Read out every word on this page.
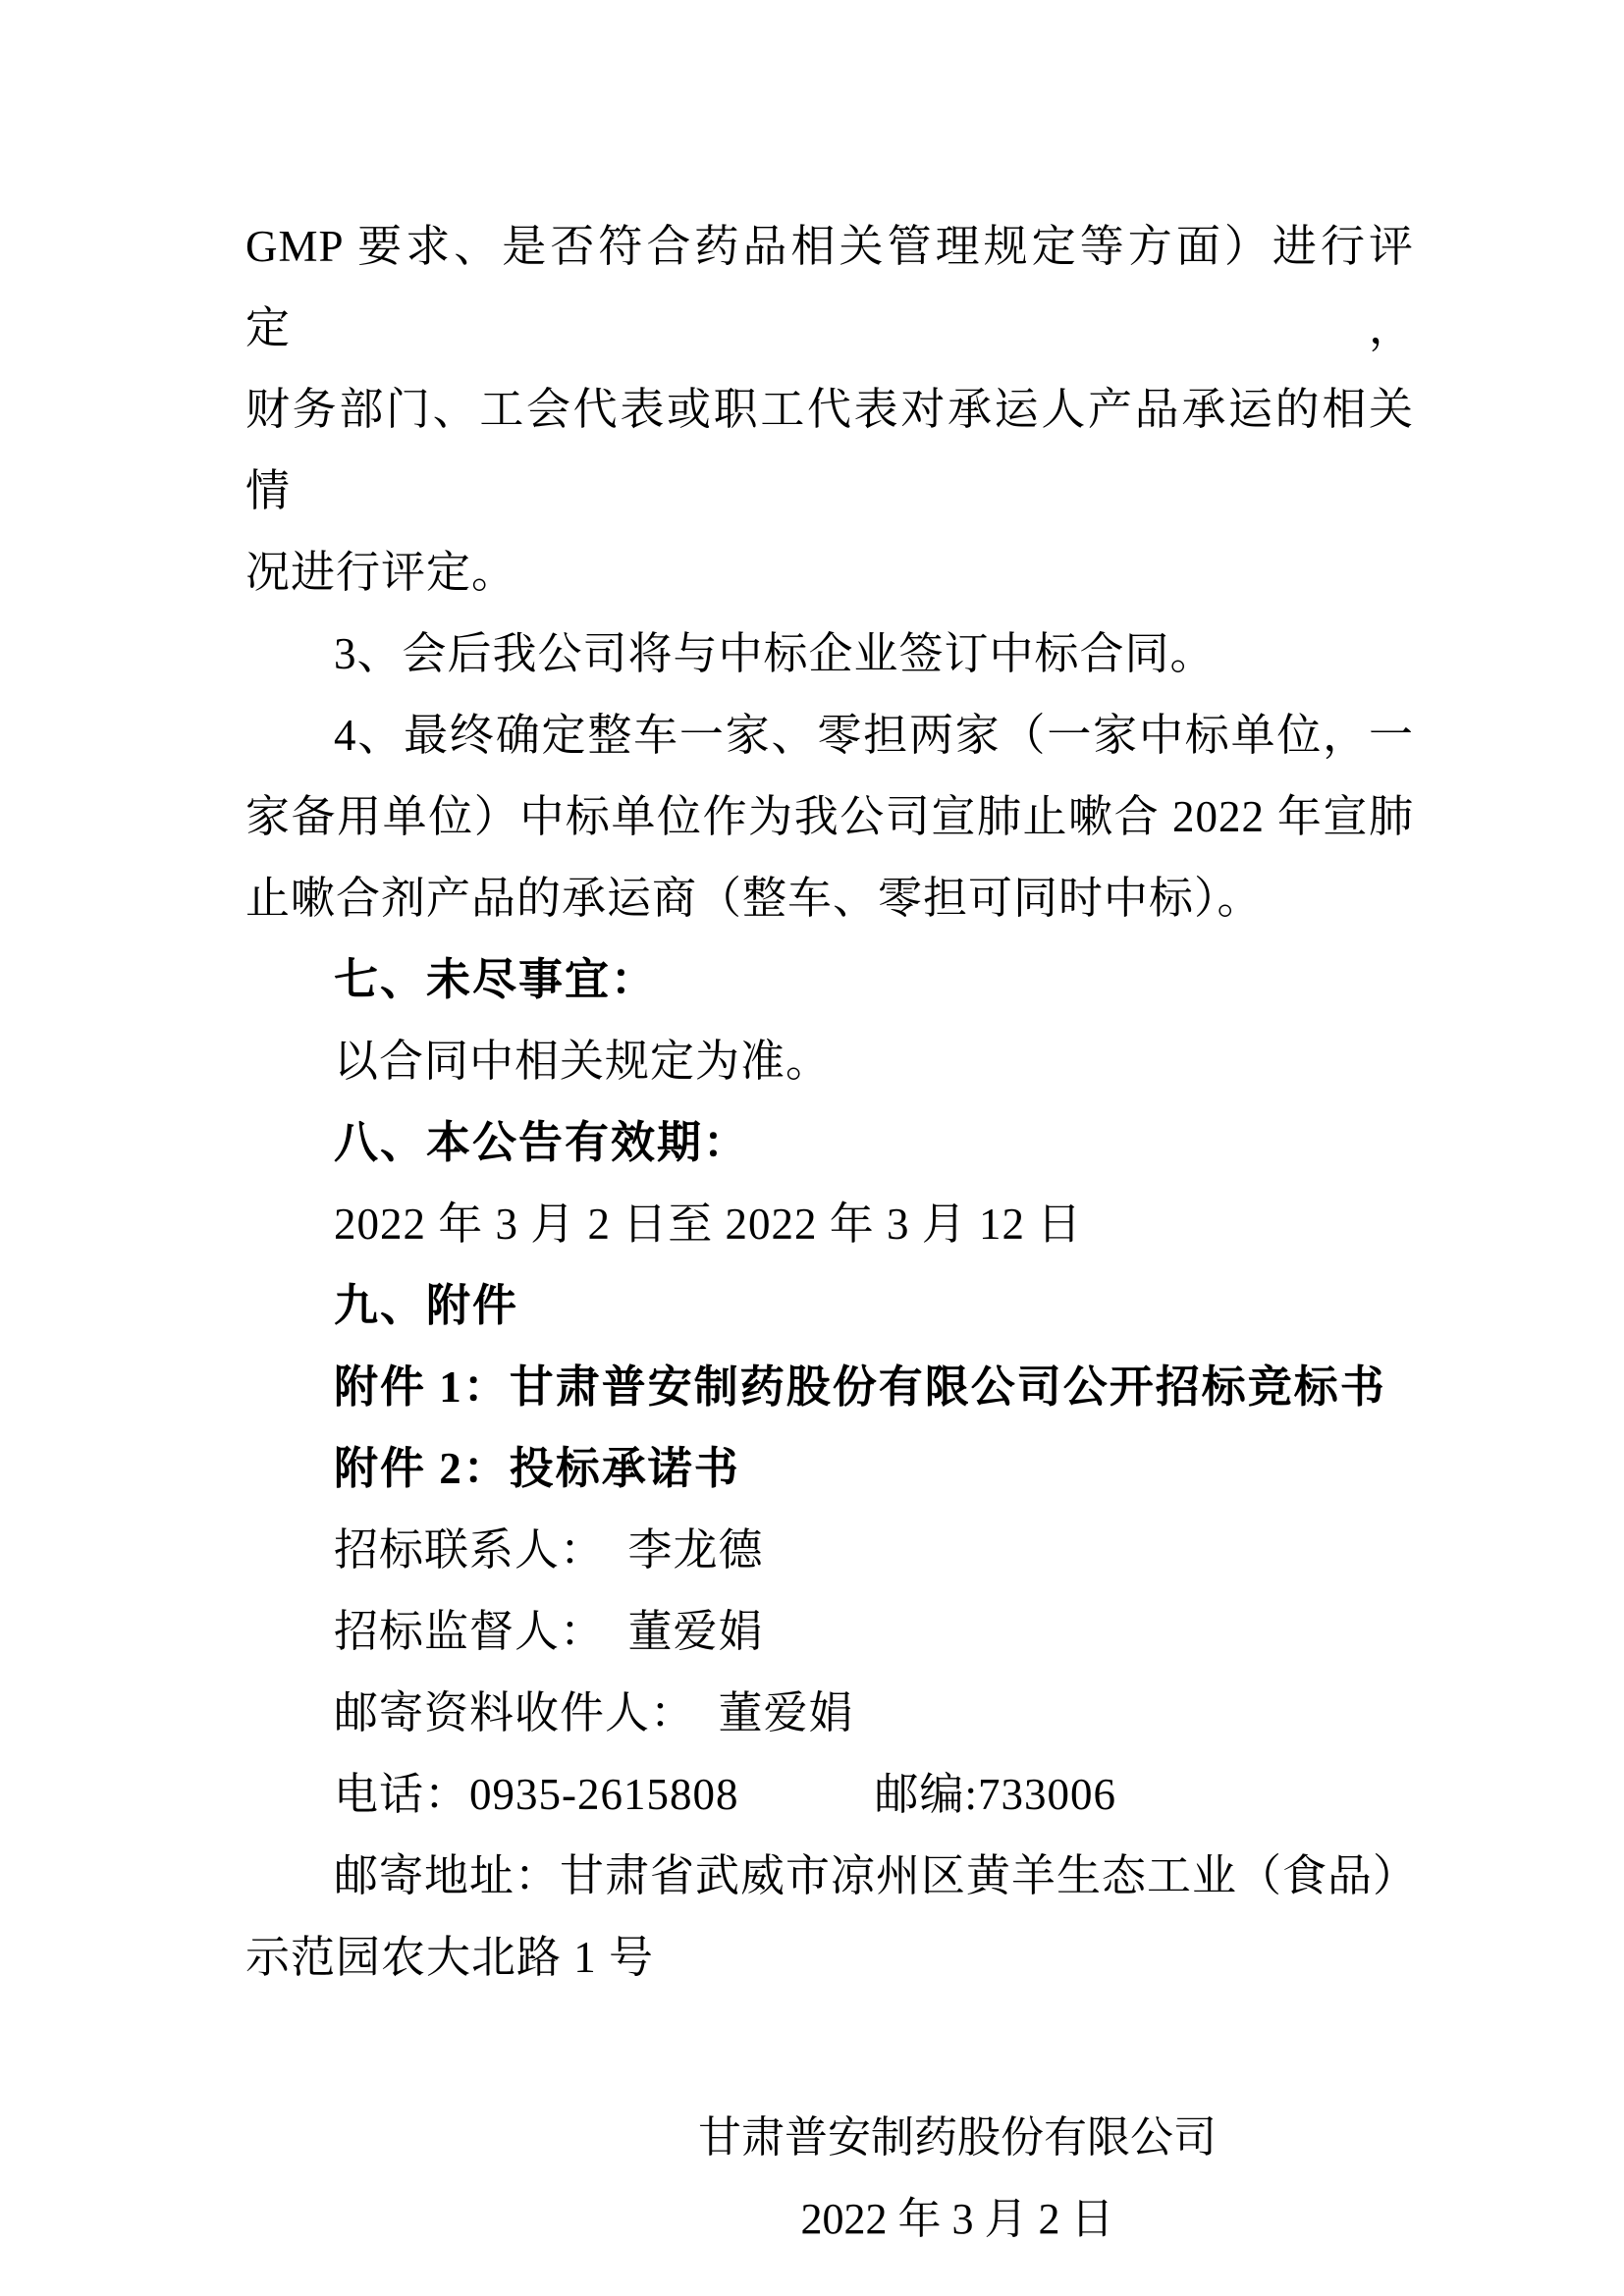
GMP 要求、是否符合药品相关管理规定等方面）进行评定，

财务部门、工会代表或职工代表对承运人产品承运的相关情

况进行评定。

3、会后我公司将与中标企业签订中标合同。

4、最终确定整车一家、零担两家（一家中标单位，一

家备用单位）中标单位作为我公司宣肺止嗽合 2022 年宣肺

止嗽合剂产品的承运商（整车、零担可同时中标）。

七、未尽事宜：

以合同中相关规定为准。

八、本公告有效期：

2022 年 3 月 2 日至 2022 年 3 月 12 日

九、附件

附件 1：甘肃普安制药股份有限公司公开招标竞标书

附件 2：投标承诺书

招标联系人：　李龙德

招标监督人：　董爱娟

邮寄资料收件人：　董爱娟

电话：0935-2615808　　　邮编:733006

邮寄地址：甘肃省武威市凉州区黄羊生态工业（食品）

示范园农大北路 1 号

甘肃普安制药股份有限公司

2022 年 3 月 2 日
